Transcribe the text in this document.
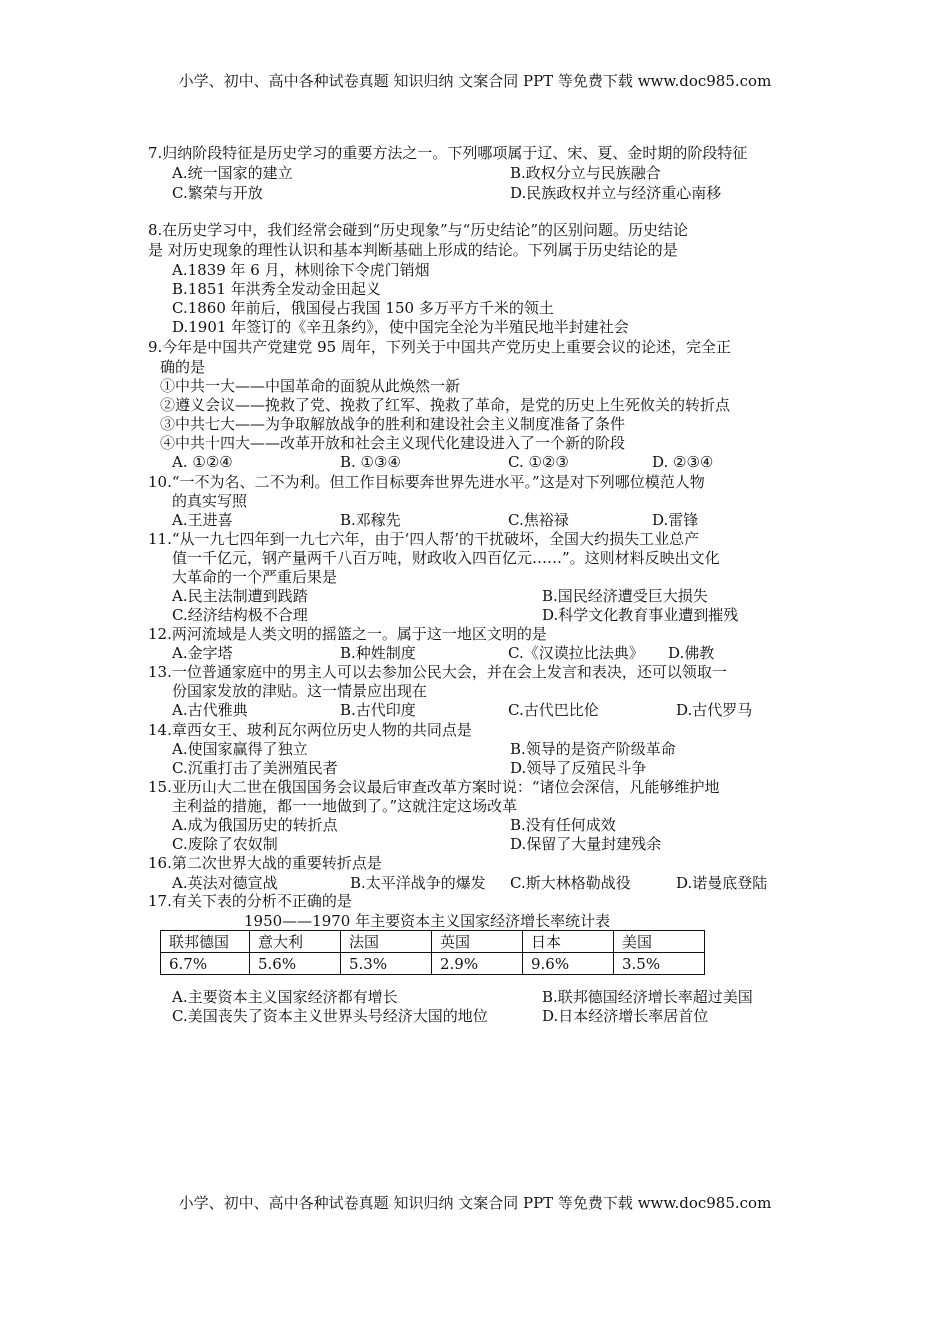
小学、初中、高中各种试卷真题 知识归纳 文案合同 PPT 等免费下载 www.doc985.com
7.归纳阶段特征是历史学习的重要方法之一。下列哪项属于辽、宋、夏、金时期的阶段特征
A.统一国家的建立	B.政权分立与民族融合
C.繁荣与开放	D.民族政权并立与经济重心南移
8.在历史学习中，我们经常会碰到“历史现象”与“历史结论”的区别问题。历史结论
是 对历史现象的理性认识和基本判断基础上形成的结论。下列属于历史结论的是
A.1839 年 6 月，林则徐下令虎门销烟
B.1851 年洪秀全发动金田起义
C.1860 年前后，俄国侵占我国 150 多万平方千米的领土
D.1901 年签订的《辛丑条约》，使中国完全沦为半殖民地半封建社会
9.今年是中国共产党建党 95 周年，下列关于中国共产党历史上重要会议的论述，完全正
确的是
①中共一大——中国革命的面貌从此焕然一新
②遵义会议——挽救了党、挽救了红军、挽救了革命，是党的历史上生死攸关的转折点
③中共七大——为争取解放战争的胜利和建设社会主义制度准备了条件
④中共十四大——改革开放和社会主义现代化建设进入了一个新的阶段
A. ①②④	B. ①③④	C. ①②③	D. ②③④
10.“一不为名、二不为利。但工作目标要奔世界先进水平。”这是对下列哪位模范人物
的真实写照
A.王进喜	B.邓稼先	C.焦裕禄	D.雷锋
11.“从一九七四年到一九七六年，由于‘四人帮’的干扰破坏，全国大约损失工业总产
值一千亿元，钢产量两千八百万吨，财政收入四百亿元……”。这则材料反映出文化
大革命的一个严重后果是
A.民主法制遭到践踏	B.国民经济遭受巨大损失
C.经济结构极不合理	D.科学文化教育事业遭到摧残
12.两河流域是人类文明的摇篮之一。属于这一地区文明的是
A.金字塔	B.种姓制度	C.《汉谟拉比法典》 D.佛教
13.一位普通家庭中的男主人可以去参加公民大会，并在会上发言和表决，还可以领取一
份国家发放的津贴。这一情景应出现在
A.古代雅典	B.古代印度	C.古代巴比伦	D.古代罗马
14.章西女王、玻利瓦尔两位历史人物的共同点是
A.使国家赢得了独立	B.领导的是资产阶级革命
C.沉重打击了美洲殖民者	D.领导了反殖民斗争
15.亚历山大二世在俄国国务会议最后审查改革方案时说：“诸位会深信，凡能够维护地
主利益的措施，都一一地做到了。”这就注定这场改革
A.成为俄国历史的转折点	B.没有任何成效
C.废除了农奴制	D.保留了大量封建残余
16.第二次世界大战的重要转折点是
A.英法对德宣战	B.太平洋战争的爆发 C.斯大林格勒战役	D.诺曼底登陆
17.有关下表的分析不正确的是
1950——1970 年主要资本主义国家经济增长率统计表
联邦德国	意大利	法国	英国	日本	美国
6.7%	5.6%	5.3%	2.9%	9.6%	3.5%
A.主要资本主义国家经济都有增长	B.联邦德国经济增长率超过美国
C.美国丧失了资本主义世界头号经济大国的地位	D.日本经济增长率居首位
小学、初中、高中各种试卷真题 知识归纳 文案合同 PPT 等免费下载 www.doc985.com
